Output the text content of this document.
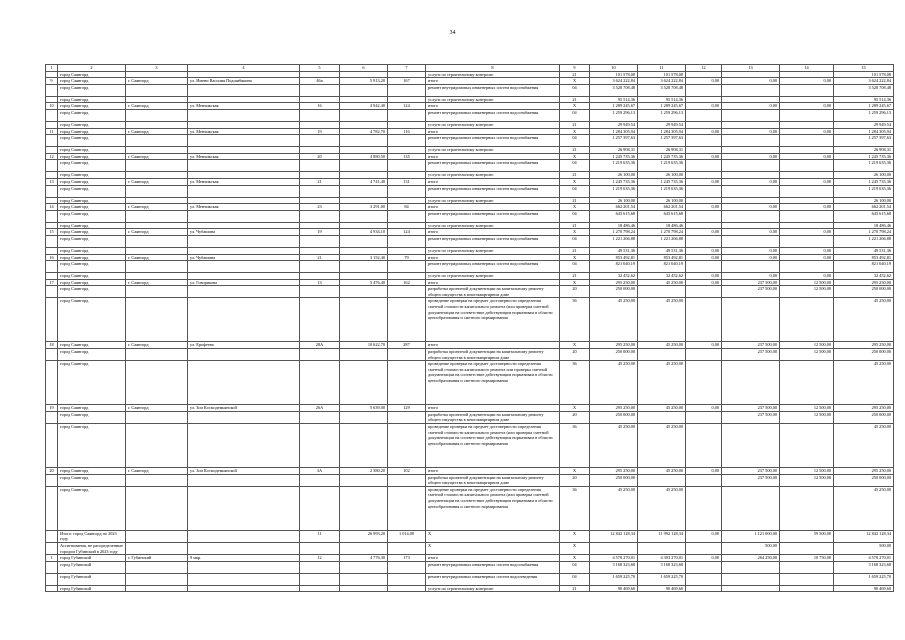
34
1	2	3	4	5	6	7	8	9	10	11	12	13	14	15
	город Саянгорд						услуги по строительному контролю	21	101 578,08	101 578,08				101 578,08
9	город Саянгорд	г. Саянгорд	ул. Имени Василия Подшибякина	46а	5 913,20	167	итого	X	3 624 222,84	3 624 222,84	0,00	0,00	0,00	3 624 222,84
	город Саянгорд						ремонт внутридомовых инженерных систем водоснабжения	04	3 528 708,48	3 528 708,48				3 528 708,48
	город Саянгорд						услуги по строительному контролю	21	95 514,36	95 514,36				95 514,36
10	город Саянгорд	г. Саянгорд	ул. Менчикская	16	4 942,40	124	итого	X	1 289 245,67	1 289 245,67	0,00	0,00	0,00	1 289 245,67
	город Саянгорд						ремонт внутридомовых инженерных систем водоснабжения	04	1 259 296,13	1 259 296,13				1 259 296,13
	город Саянгорд						услуги по строительному контролю	21	29 949,54	29 949,54				29 949,54
11	город Саянгорд	г. Саянгорд	ул. Менчикская	19	4 782,70	116	итого	X	1 284 305,94	1 284 305,94	0,00	0,00	0,00	1 284 305,94
	город Саянгорд						ремонт внутридомовых инженерных систем водоснабжения	04	1 257 397,63	1 257 397,63				1 257 397,63
	город Саянгорд						услуги по строительному контролю	21	26 908,31	26 908,31				26 908,31
12	город Саянгорд	г. Саянгорд	ул. Менчикская	20	4 880,50	135	итого	X	1 245 735,36	1 245 735,36	0,00	0,00	0,00	1 245 735,36
	город Саянгорд						ремонт внутридомовых инженерных систем водоснабжения	04	1 219 635,36	1 219 635,36				1 219 635,36
	город Саянгорд						услуги по строительному контролю	21	26 100,00	26 100,00				26 100,00
13	город Саянгорд	г. Саянгорд	ул. Менчикская	21	4 741,40	131	итого	X	1 245 735,36	1 245 735,36	0,00	0,00	0,00	1 245 735,36
	город Саянгорд						ремонт внутридомовых инженерных систем водоснабжения	04	1 219 635,36	1 219 635,36				1 219 635,36
	город Саянгорд						услуги по строительному контролю	21	26 100,00	26 100,00				26 100,00
14	город Саянгорд	г. Саянгорд	ул. Менчикская	23	3 291,00	84	итого	X	662 201,54	662 201,54	0,00	0,00	0,00	662 201,54
	город Саянгорд						ремонт внутридомовых инженерных систем водоснабжения	04	643 615,68	643 615,68				643 615,68
	город Саянгорд						услуги по строительному контролю	21	18 486,46	18 486,46				18 486,46
15	город Саянгорд	г. Саянгорд	ул. Чубашина	19	4 934,10	124	итого	X	1 270 798,24	1 270 798,24	0,00	0,00	0,00	1 270 798,24
	город Саянгорд						ремонт внутридомовых инженерных систем водоснабжения	04	1 221 266,88	1 221 266,88				1 221 266,88
	город Саянгорд						услуги по строительному контролю	21	49 531,36	49 531,36	0,00	0,00	0,00	49 531,36
16	город Саянгорд	г. Саянгорд	ул. Чубашина	21	3 152,40	79	итого	X	853 492,81	853 492,81	0,00	0,00	0,00	853 492,81
	город Саянгорд						ремонт внутридомовых инженерных систем водоснабжения	04	821 040,19	821 040,19				821 040,19
	город Саянгорд						услуги по строительному контролю	21	32 452,62	32 452,62	0,00	0,00	0,00	32 452,62
17	город Саянгорд	г. Саянгорд	ул. Говорикова	13	5 476,40	162	итого	X	295 250,00	45 250,00	0,00	237 500,00	12 500,00	295 250,00
	город Саянгорд						разработка проектной документации на капитальному ремонту общего имущества в многоквартирном доме	20	250 000,00			237 500,00	12 500,00	250 000,00
	город Саянгорд						проведение проверки на предмет достоверности определения сметной стоимости капитального ремонта (или проверка сметной документации на соответствие действующим нормативам в области ценообразования и сметного нормирования	36	45 250,00	45 250,00				45 250,00
18	город Саянгорд	г. Саянгорд	ул. Ерофеева	28А	10 622,70	287	итого	X	295 250,00	45 250,00	0,00	237 500,00	12 500,00	295 250,00
	город Саянгорд						разработка проектной документации на капитальному ремонту общего имущества в многоквартирном доме	20	250 000,00			237 500,00	12 500,00	250 000,00
	город Саянгорд						проведение проверки на предмет достоверности определения сметной стоимости капитального ремонта или проверка сметной документации на соответствие действующим нормативам в области ценообразования и сметного нормирования	36	45 250,00	45 250,00				45 250,00
19	город Саянгорд	г. Саянгорд	ул. Зои Космодемьянской	26А	5 639,00	129	итого	X	295 250,00	45 250,00	0,00	237 500,00	12 500,00	295 250,00
	город Саянгорд						разработка проектной документации на капитальному ремонту общего имущества в многоквартирном доме	20	250 000,00			237 500,00	12 500,00	250 000,00
	город Саянгорд						проведение проверки на предмет достоверности определения сметной стоимости капитального ремонта (или проверка сметной документации на соответствие действующим нормативам в области ценообразования и сметного нормирования	36	45 250,00	45 250,00				45 250,00
20	город Саянгорд	г. Саянгорд	ул. Зои Космодемьянской	3А	2 380,20	102	итого	X	295 250,00	45 250,00	0,00	237 500,00	12 500,00	295 250,00
	город Саянгорд						разработка проектной документации на капитальному ремонту общего имущества в многоквартирном доме	20	250 000,00			237 500,00	12 500,00	250 000,00
	город Саянгорд						проведение проверки на предмет достоверности определения сметной стоимости капитального ремонта (или проверка сметной документации на соответствие действующим нормативам в области ценообразования и сметного нормирования	36	45 250,00	45 250,00				45 250,00
	Итого: город Саянгорд по 2023 году			11	26 993,20	1 014,00	X	X	12 842 128,34	11 992 128,34	0,00	1 121 000,00	59 500,00	12 842 128,34
	Ассигнования, не распределенные городом Губинский в 2023 году						X	X				500,00		500,00
1	город Губинский	г. Губинский	9 мкр.	12	4 776,30	173	итого	X	4 578 270,01	4 303 270,01	0,00	264 250,00	10 750,00	4 578 270,01
	город Губинский						ремонт внутридомовых инженерных систем водоснабжения	04	3 168 323,68	3 168 323,68				3 168 323,68
	город Губинский						ремонт внутридомовых инженерных систем водоотведения	04	1 659 225,70	1 659 225,70				1 659 225,70
	город Губинский						услуги по строительному контролю	21	90 469,60	90 469,60				90 469,60
